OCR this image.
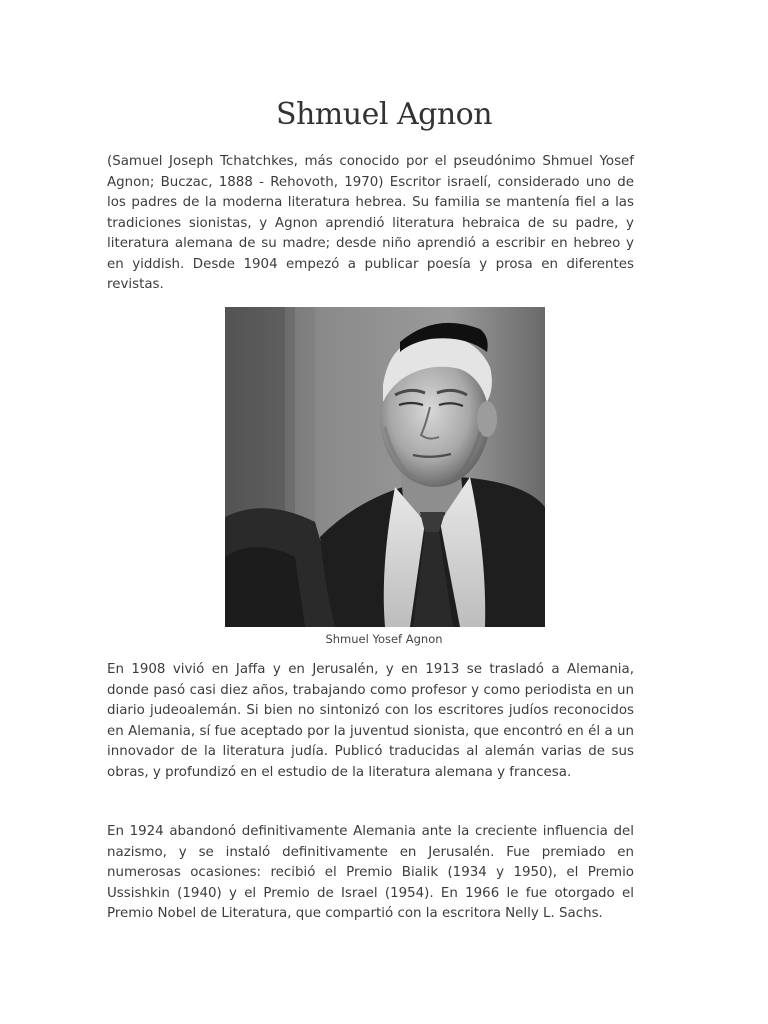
Shmuel Agnon

(Samuel Joseph Tchatchkes, más conocido por el pseudónimo Shmuel Yosef Agnon; Buczac, 1888 - Rehovoth, 1970) Escritor israelí, considerado uno de los padres de la moderna literatura hebrea. Su familia se mantenía fiel a las tradiciones sionistas, y Agnon aprendió literatura hebraica de su padre, y literatura alemana de su madre; desde niño aprendió a escribir en hebreo y en yiddish. Desde 1904 empezó a publicar poesía y prosa en diferentes revistas.

Shmuel Yosef Agnon

En 1908 vivió en Jaffa y en Jerusalén, y en 1913 se trasladó a Alemania, donde pasó casi diez años, trabajando como profesor y como periodista en un diario judeoalemán. Si bien no sintonizó con los escritores judíos reconocidos en Alemania, sí fue aceptado por la juventud sionista, que encontró en él a un innovador de la literatura judía. Publicó traducidas al alemán varias de sus obras, y profundizó en el estudio de la literatura alemana y francesa.

En 1924 abandonó definitivamente Alemania ante la creciente influencia del nazismo, y se instaló definitivamente en Jerusalén. Fue premiado en numerosas ocasiones: recibió el Premio Bialik (1934 y 1950), el Premio Ussishkin (1940) y el Premio de Israel (1954). En 1966 le fue otorgado el Premio Nobel de Literatura, que compartió con la escritora Nelly L. Sachs.
